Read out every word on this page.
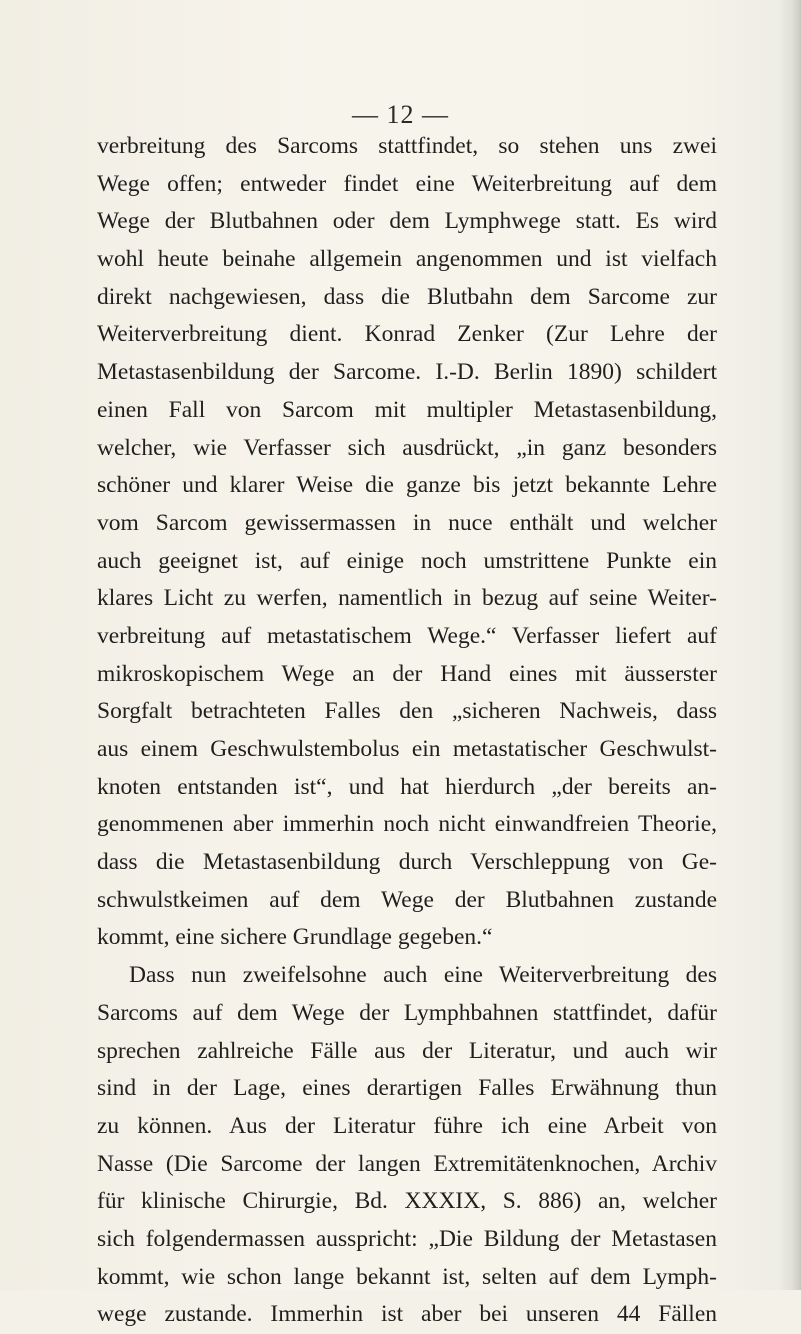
— 12 —
verbreitung des Sarcoms stattfindet, so stehen uns zwei
Wege offen; entweder findet eine Weiterbreitung auf dem
Wege der Blutbahnen oder dem Lymphwege statt. Es wird
wohl heute beinahe allgemein angenommen und ist vielfach
direkt nachgewiesen, dass die Blutbahn dem Sarcome zur
Weiterverbreitung dient. Konrad Zenker (Zur Lehre der
Metastasenbildung der Sarcome. I.-D. Berlin 1890) schildert
einen Fall von Sarcom mit multipler Metastasenbildung,
welcher, wie Verfasser sich ausdrückt, „in ganz besonders
schöner und klarer Weise die ganze bis jetzt bekannte Lehre
vom Sarcom gewissermassen in nuce enthält und welcher
auch geeignet ist, auf einige noch umstrittene Punkte ein
klares Licht zu werfen, namentlich in bezug auf seine Weiter-
verbreitung auf metastatischem Wege.“ Verfasser liefert auf
mikroskopischem Wege an der Hand eines mit äusserster
Sorgfalt betrachteten Falles den „sicheren Nachweis, dass
aus einem Geschwulstembolus ein metastatischer Geschwulst-
knoten entstanden ist“, und hat hierdurch „der bereits an-
genommenen aber immerhin noch nicht einwandfreien Theorie,
dass die Metastasenbildung durch Verschleppung von Ge-
schwulstkeimen auf dem Wege der Blutbahnen zustande
kommt, eine sichere Grundlage gegeben.“
Dass nun zweifelsohne auch eine Weiterverbreitung des
Sarcoms auf dem Wege der Lymphbahnen stattfindet, dafür
sprechen zahlreiche Fälle aus der Literatur, und auch wir
sind in der Lage, eines derartigen Falles Erwähnung thun
zu können. Aus der Literatur führe ich eine Arbeit von
Nasse (Die Sarcome der langen Extremitätenknochen, Archiv
für klinische Chirurgie, Bd. XXXIX, S. 886) an, welcher
sich folgendermassen ausspricht: „Die Bildung der Metastasen
kommt, wie schon lange bekannt ist, selten auf dem Lymph-
wege zustande. Immerhin ist aber bei unseren 44 Fällen
